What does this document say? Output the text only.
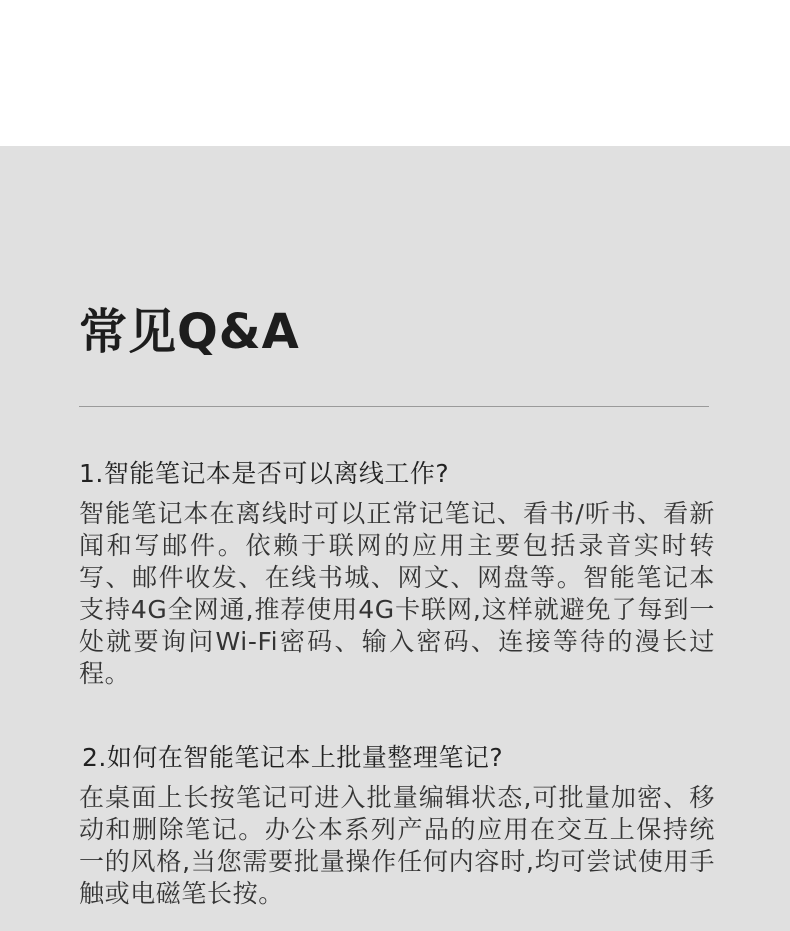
常见Q&A

1.智能笔记本是否可以离线工作?

智能笔记本在离线时可以正常记笔记、看书/听书、看新闻和写邮件。依赖于联网的应用主要包括录音实时转写、邮件收发、在线书城、网文、网盘等。智能笔记本支持4G全网通,推荐使用4G卡联网,这样就避免了每到一处就要询问Wi-Fi密码、输入密码、连接等待的漫长过程。

2.如何在智能笔记本上批量整理笔记?

在桌面上长按笔记可进入批量编辑状态,可批量加密、移动和删除笔记。办公本系列产品的应用在交互上保持统一的风格,当您需要批量操作任何内容时,均可尝试使用手触或电磁笔长按。
